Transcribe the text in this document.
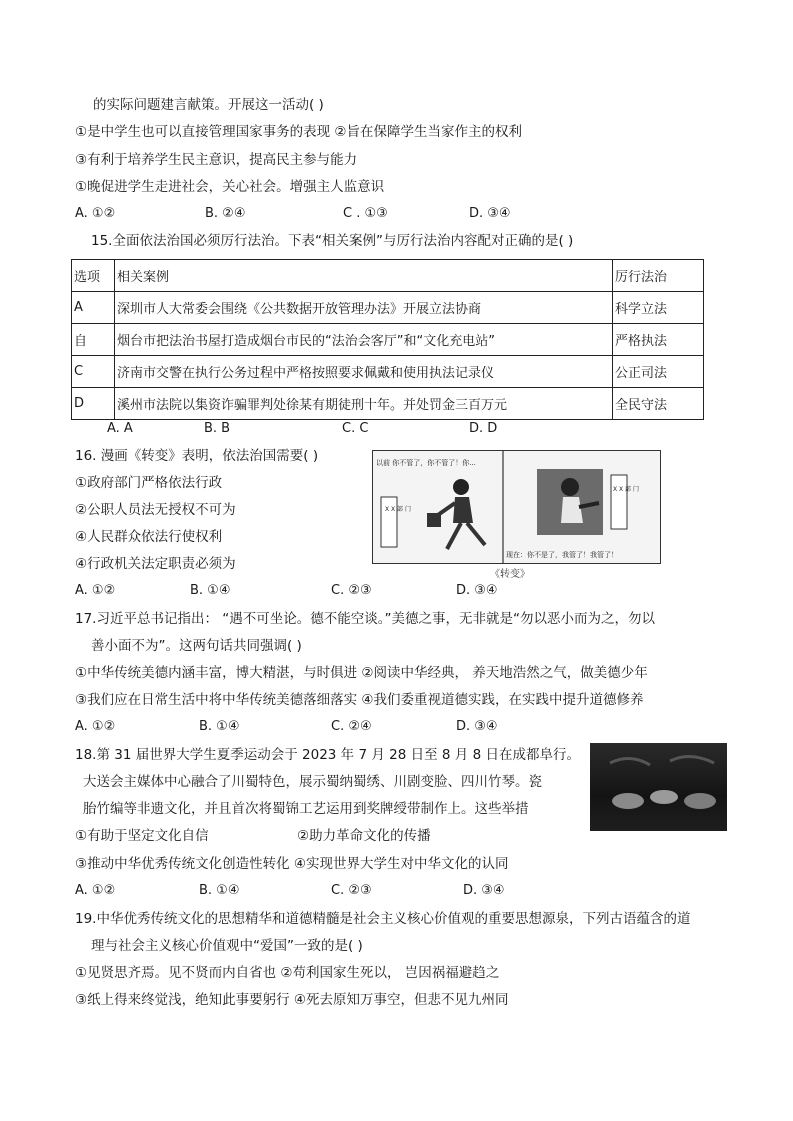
的实际问题建言献策。开展这一活动( )
①是中学生也可以直接管理国家事务的表现 ②旨在保障学生当家作主的权利
③有利于培养学生民主意识，提高民主参与能力
①晚促进学生走进社会，关心社会。增强主人监意识
A. ①②	B. ②④	C . ①③	D. ③④
15.全面依法治国必须厉行法治。下表“相关案例”与厉行法治内容配对正确的是( )
选项	相关案例	厉行法治
A	深圳市人大常委会围绕《公共数据开放管理办法》开展立法协商	科学立法
自	烟台市把法治书屋打造成烟台市民的“法治会客厅”和“文化充电站”	严格执法
C	济南市交警在执行公务过程中严格按照要求佩戴和使用执法记录仪	公正司法
D	溪州市法院以集资诈骗罪判处徐某有期徒刑十年。并处罚金三百万元	全民守法
A. A	B. B	C. C	D. D
16. 漫画《转变》表明，依法治国需要( )
①政府部门严格依法行政
②公职人员法无授权不可为
④人民群众依法行使权利
④行政机关法定职责必须为
以前 你不管了，你不管了！你...
X X 部 门
X X 部 门
现在：你不是了，我管了！我管了！
《转变》
A. ①②	B. ①④	C. ②③	D. ③④
17.习近平总书记指出： “遇不可坐论。德不能空谈。”美德之事，无非就是“勿以恶小而为之，勿以
善小面不为”。这两句话共同强调( )
①中华传统美德内涵丰富，博大精湛，与时俱进 ②阅读中华经典， 养天地浩然之气，做美德少年
③我们应在日常生活中将中华传统美德落细落实 ④我们委重视道德实践，在实践中提升道德修养
A. ①②	B. ①④	C. ②④	D. ③④
18.第 31 届世界大学生夏季运动会于 2023 年 7 月 28 日至 8 月 8 日在成都阜行。
大送会主媒体中心融合了川蜀特色，展示蜀纳蜀绣、川剧变脸、四川竹琴。瓷
胎竹编等非遗文化，并且首次将蜀锦工艺运用到奖牌绶带制作上。这些举措
①有助于坚定文化自信	②助力革命文化的传播
③推动中华优秀传统文化创造性转化 ④实现世界大学生对中华文化的认同
A. ①②	B. ①④	C. ②③	D. ③④
19.中华优秀传统文化的思想精华和道德精髓是社会主义核心价值观的重要思想源泉，下列古语蕴含的道
理与社会主义核心价值观中“爱国”一致的是( )
①见贤思齐焉。见不贤而内自省也 ②苟利国家生死以， 岂因祸福避趋之
③纸上得来终觉浅，绝知此事要躬行 ④死去原知万事空，但悲不见九州同
